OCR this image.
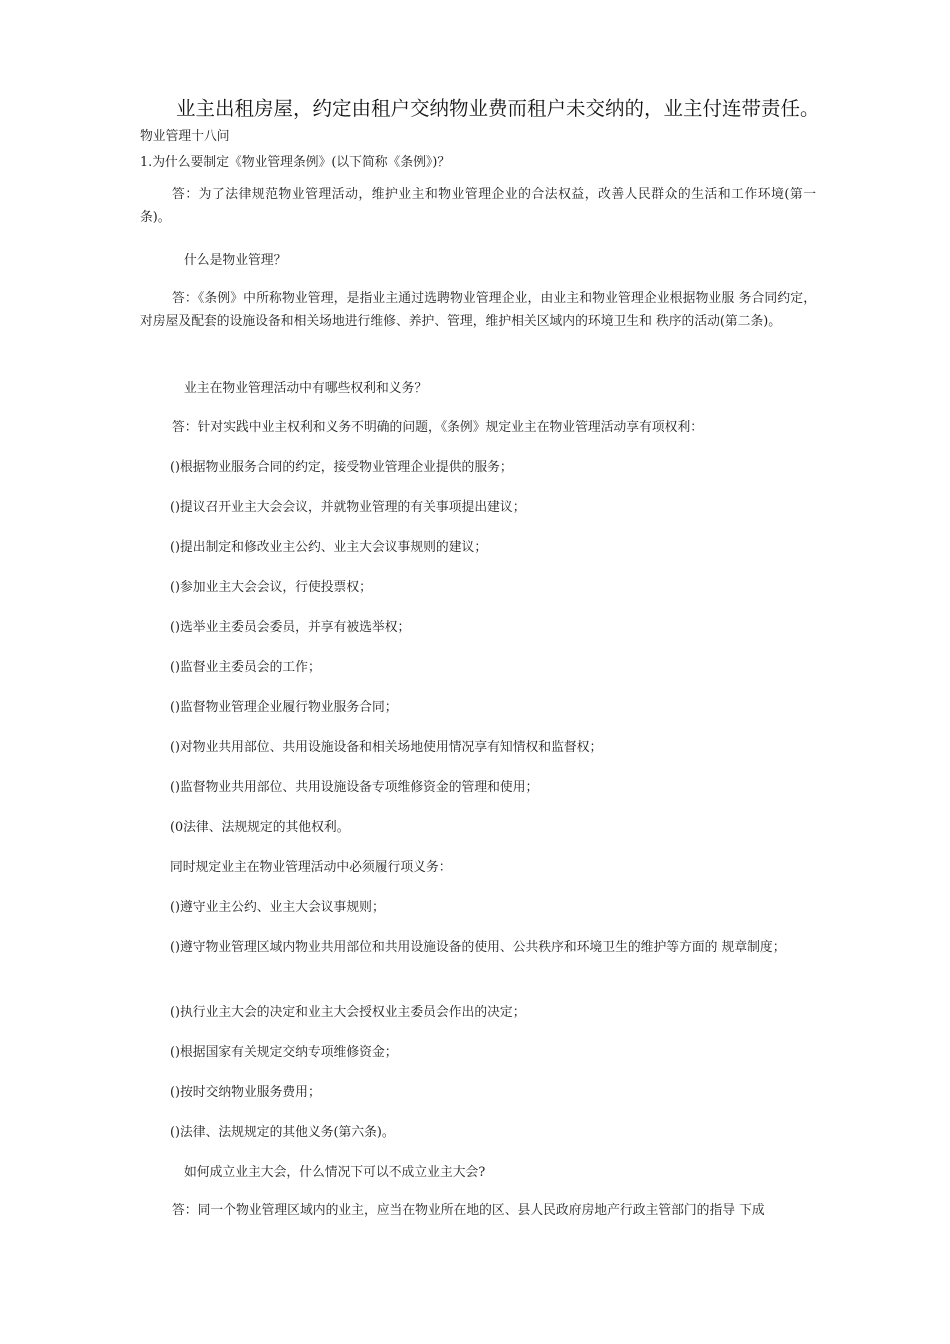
业主出租房屋，约定由租户交纳物业费而租户未交纳的，业主付连带责任。
物业管理十八问
1.为什么要制定《物业管理条例》(以下简称《条例》)？
答：为了法律规范物业管理活动，维护业主和物业管理企业的合法权益，改善人民群众的生活和工作环境(第一条)。
什么是物业管理？
答：《条例》中所称物业管理，是指业主通过选聘物业管理企业，由业主和物业管理企业根据物业服 务合同约定，对房屋及配套的设施设备和相关场地进行维修、养护、管理，维护相关区域内的环境卫生和 秩序的活动(第二条)。
业主在物业管理活动中有哪些权利和义务？
答：针对实践中业主权利和义务不明确的问题，《条例》规定业主在物业管理活动享有项权利：
()根据物业服务合同的约定，接受物业管理企业提供的服务；
()提议召开业主大会会议，并就物业管理的有关事项提出建议；
()提出制定和修改业主公约、业主大会议事规则的建议；
()参加业主大会会议，行使投票权；
()选举业主委员会委员，并享有被选举权；
()监督业主委员会的工作；
()监督物业管理企业履行物业服务合同；
()对物业共用部位、共用设施设备和相关场地使用情况享有知情权和监督权；
()监督物业共用部位、共用设施设备专项维修资金的管理和使用；
(0法律、法规规定的其他权利。
同时规定业主在物业管理活动中必须履行项义务：
()遵守业主公约、业主大会议事规则；
()遵守物业管理区域内物业共用部位和共用设施设备的使用、公共秩序和环境卫生的维护等方面的 规章制度；
()执行业主大会的决定和业主大会授权业主委员会作出的决定；
()根据国家有关规定交纳专项维修资金；
()按时交纳物业服务费用；
()法律、法规规定的其他义务(第六条)。
如何成立业主大会，什么情况下可以不成立业主大会?
答：同一个物业管理区域内的业主，应当在物业所在地的区、县人民政府房地产行政主管部门的指导 下成
